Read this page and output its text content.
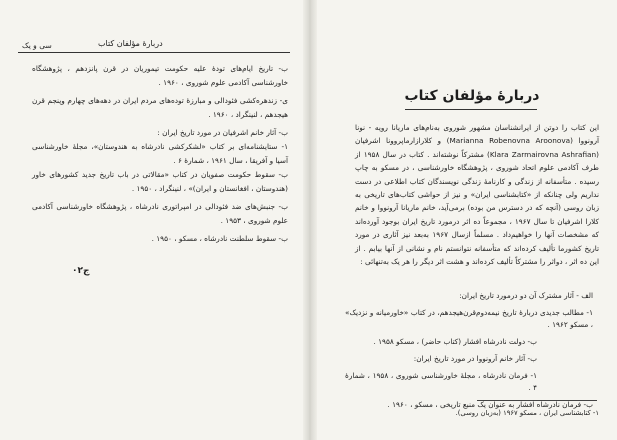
دربارهٔ مؤلفان کتاب
سی و یک
ب- تاریخ ایام‌های تودهٔ علیه حکومت تیموریان در قرن پانزدهم ، پژوهشگاه خاورشناسی آکادمی علوم شوروی ، ۱۹۶۰ .
ی- زندهره‌کشی فئودالی و مبارزهٔ توده‌های مردم ایران در دهه‌های چهارم وپنجم قرن هیجدهم ، لنینگراد ، ۱۹۶۰ .
ب- آثار خانم اشرفیان در مورد تاریخ ایران :
۱- ستایشنامه‌ای بر کتاب «لشکرکشی نادرشاه به هندوستان»، مجلهٔ خاورشناسی آسیا و آفریقا ، سال ۱۹۶۱ ، شمارهٔ ۶ .
ب- سقوط حکومت صفویان در کتاب «مقالاتی در باب تاریخ جدید کشورهای خاور (هندوستان ، افغانستان و ایران)» ، لنینگراد ، ۱۹۵۰ .
ب- جنبش‌های ضد فئودالی در امپراتوری نادرشاه ، پژوهشگاه خاورشناسی آکادمی علوم شوروی ، ۱۹۵۳ .
ب- سقوط سلطنت نادرشاه ، مسکو ، ۱۹۵۰ .
ج۰۲
دربارهٔ مؤلفان کتاب
این کتاب را دوتن از ایرانشناسان مشهور شوروی به‌نام‌های ماریانا رویه - نونا آرونووا (Marianna Robenovna Aroonova) و کلارازارماپروونا اشرفیان (Klara Zarmairovna Ashrafian) مشترکاً نوشته‌اند . کتاب در سال ۱۹۵۸ از طرف آکادمی علوم اتحاد شوروی ، پژوهشگاه خاورشناسی ، در مسکو به چاپ رسیده . متأسفانه از زندگی و کارنامهٔ زندگی نویسندگان کتاب اطلاعی در دست نداریم ولی چنانکه از «کتابشناسی ایران» و نیز از حواشی کتاب‌های تاریخی به زبان روسی (آنچه که در دسترس من بوده) برمی‌آید، خانم ماریانا آرونووا و خانم کلارا اشرفیان تا سال ۱۹۶۷ ، مجموعاً ده اثر درمورد تاریخ ایران بوجود آورده‌اند که مشخصات آنها را خواهیم‌داد . مسلماً ازسال ۱۹۶۷ به‌بعد نیز آثاری در مورد تاریخ کشورما تألیف کرده‌اند که متأسفانه نتوانستم نام و نشانی از آنها بیابم . از این ده اثر ، دواثر را مشترکاً تألیف کرده‌اند و هشت اثر دیگر را هر یک به‌تنهائی :
الف - آثار مشترک آن دو درمورد تاریخ ایران:
۱- مطالب جدیدی دربارهٔ تاریخ نیمه‌دوم‌قرن‌هیجدهم، در کتاب «خاورمیانه و نزدیک» ، مسکو ۱۹۶۲ .
ب- دولت نادرشاه افشار (کتاب حاضر) ، مسکو ۱۹۵۸ .
ب- آثار خانم آرونووا در مورد تاریخ ایران:
۱- فرمان نادرشاه ، مجلهٔ خاورشناسی شوروی ، ۱۹۵۸ ، شمارهٔ ۴ .
ب- فرمان نادرشاه افشار به عنوان یک منبع تاریخی ، مسکو ، ۱۹۶۰ .
۱- کتابشناسی ایران ، مسکو ۱۹۶۷ (به‌زبان روسی).
